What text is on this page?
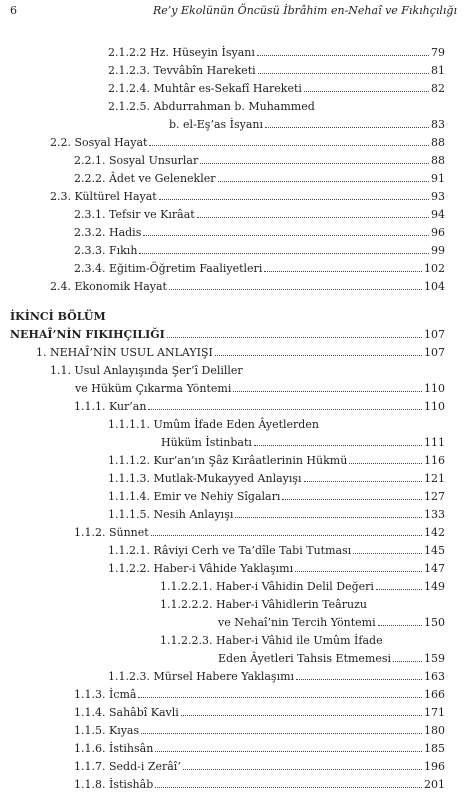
6	Re’y Ekolünün Öncüsü İbrâhim en-Nehaî ve Fıkıhçılığı
2.1.2.2 Hz. Hüseyin İsyanı	79
2.1.2.3. Tevvâbîn Hareketi	81
2.1.2.4. Muhtâr es-Sekafî Hareketi	82
2.1.2.5. Abdurrahman b. Muhammed
b. el-Eş’as İsyanı	83
2.2. Sosyal Hayat	88
2.2.1. Sosyal Unsurlar	88
2.2.2. Âdet ve Gelenekler	91
2.3. Kültürel Hayat	93
2.3.1. Tefsir ve Kırâat	94
2.3.2. Hadis	96
2.3.3. Fıkıh	99
2.3.4. Eğitim-Öğretim Faaliyetleri	102
2.4. Ekonomik Hayat	104
İKİNCİ BÖLÜM
NEHAÎ’NİN FIKIHÇILIĞI	107
1. NEHAÎ’NİN USUL ANLAYIŞI	107
1.1. Usul Anlayışında Şer’î Deliller
ve Hüküm Çıkarma Yöntemi	110
1.1.1. Kur’an	110
1.1.1.1. Umûm İfade Eden Âyetlerden
Hüküm İstinbatı	111
1.1.1.2. Kur’an’ın Şâz Kırâatlerinin Hükmü	116
1.1.1.3. Mutlak-Mukayyed Anlayışı	121
1.1.1.4. Emir ve Nehiy Sîgaları	127
1.1.1.5. Nesih Anlayışı	133
1.1.2. Sünnet	142
1.1.2.1. Râviyi Cerh ve Ta’dîle Tabi Tutması	145
1.1.2.2. Haber-i Vâhide Yaklaşımı	147
1.1.2.2.1. Haber-i Vâhidin Delil Değeri	149
1.1.2.2.2. Haber-i Vâhidlerin Teâruzu
ve Nehaî’nin Tercih Yöntemi	150
1.1.2.2.3. Haber-i Vâhid ile Umûm İfade
Eden Âyetleri Tahsis Etmemesi	159
1.1.2.3. Mürsel Habere Yaklaşımı	163
1.1.3. İcmâ	166
1.1.4. Sahâbî Kavli	171
1.1.5. Kıyas	180
1.1.6. İstihsân	185
1.1.7. Sedd-i Zerâî’	196
1.1.8. İstishâb	201
